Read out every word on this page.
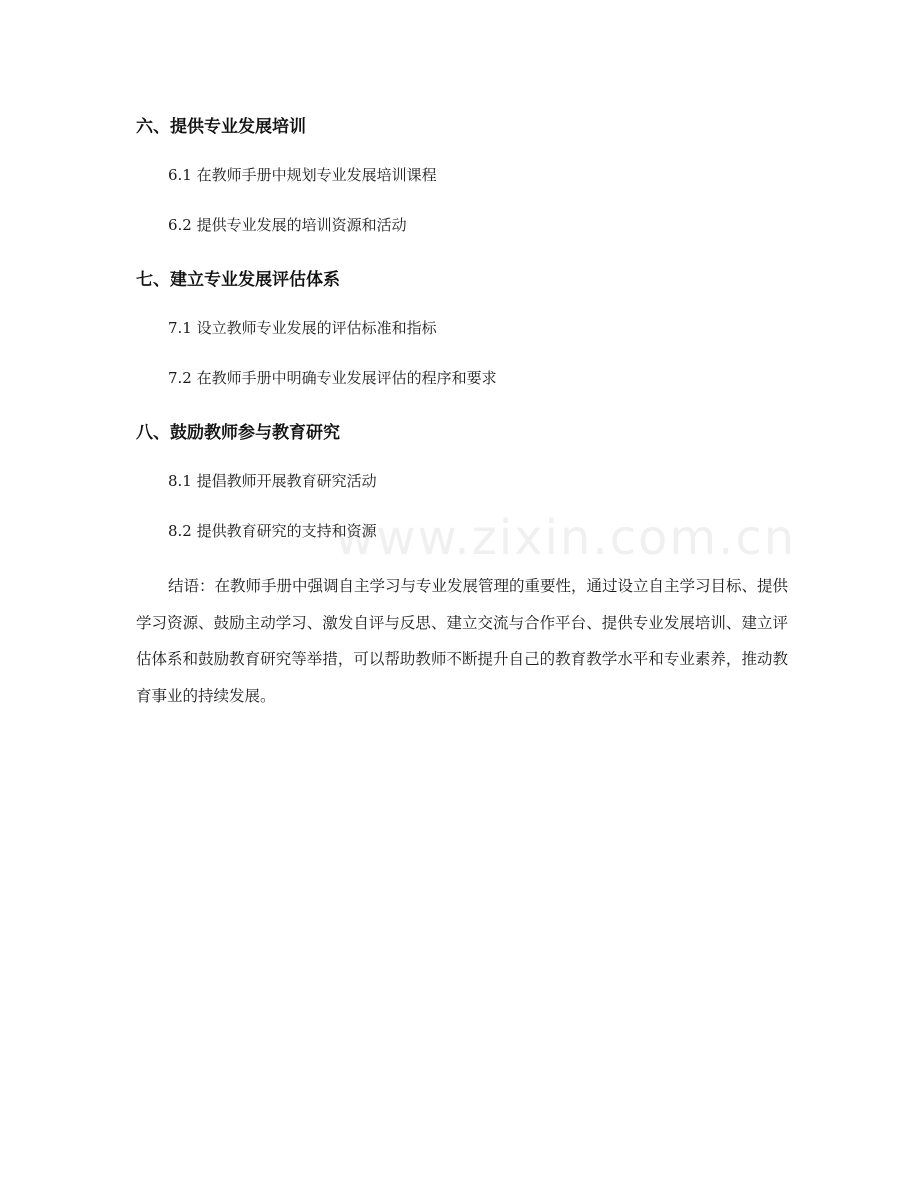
六、提供专业发展培训
6.1 在教师手册中规划专业发展培训课程
6.2 提供专业发展的培训资源和活动
七、建立专业发展评估体系
7.1 设立教师专业发展的评估标准和指标
7.2 在教师手册中明确专业发展评估的程序和要求
八、鼓励教师参与教育研究
8.1 提倡教师开展教育研究活动
8.2 提供教育研究的支持和资源
www.zixin.com.cn

结语：在教师手册中强调自主学习与专业发展管理的重要性，通过设立自主学习目标、提供学习资源、鼓励主动学习、激发自评与反思、建立交流与合作平台、提供专业发展培训、建立评估体系和鼓励教育研究等举措，可以帮助教师不断提升自己的教育教学水平和专业素养，推动教育事业的持续发展。
